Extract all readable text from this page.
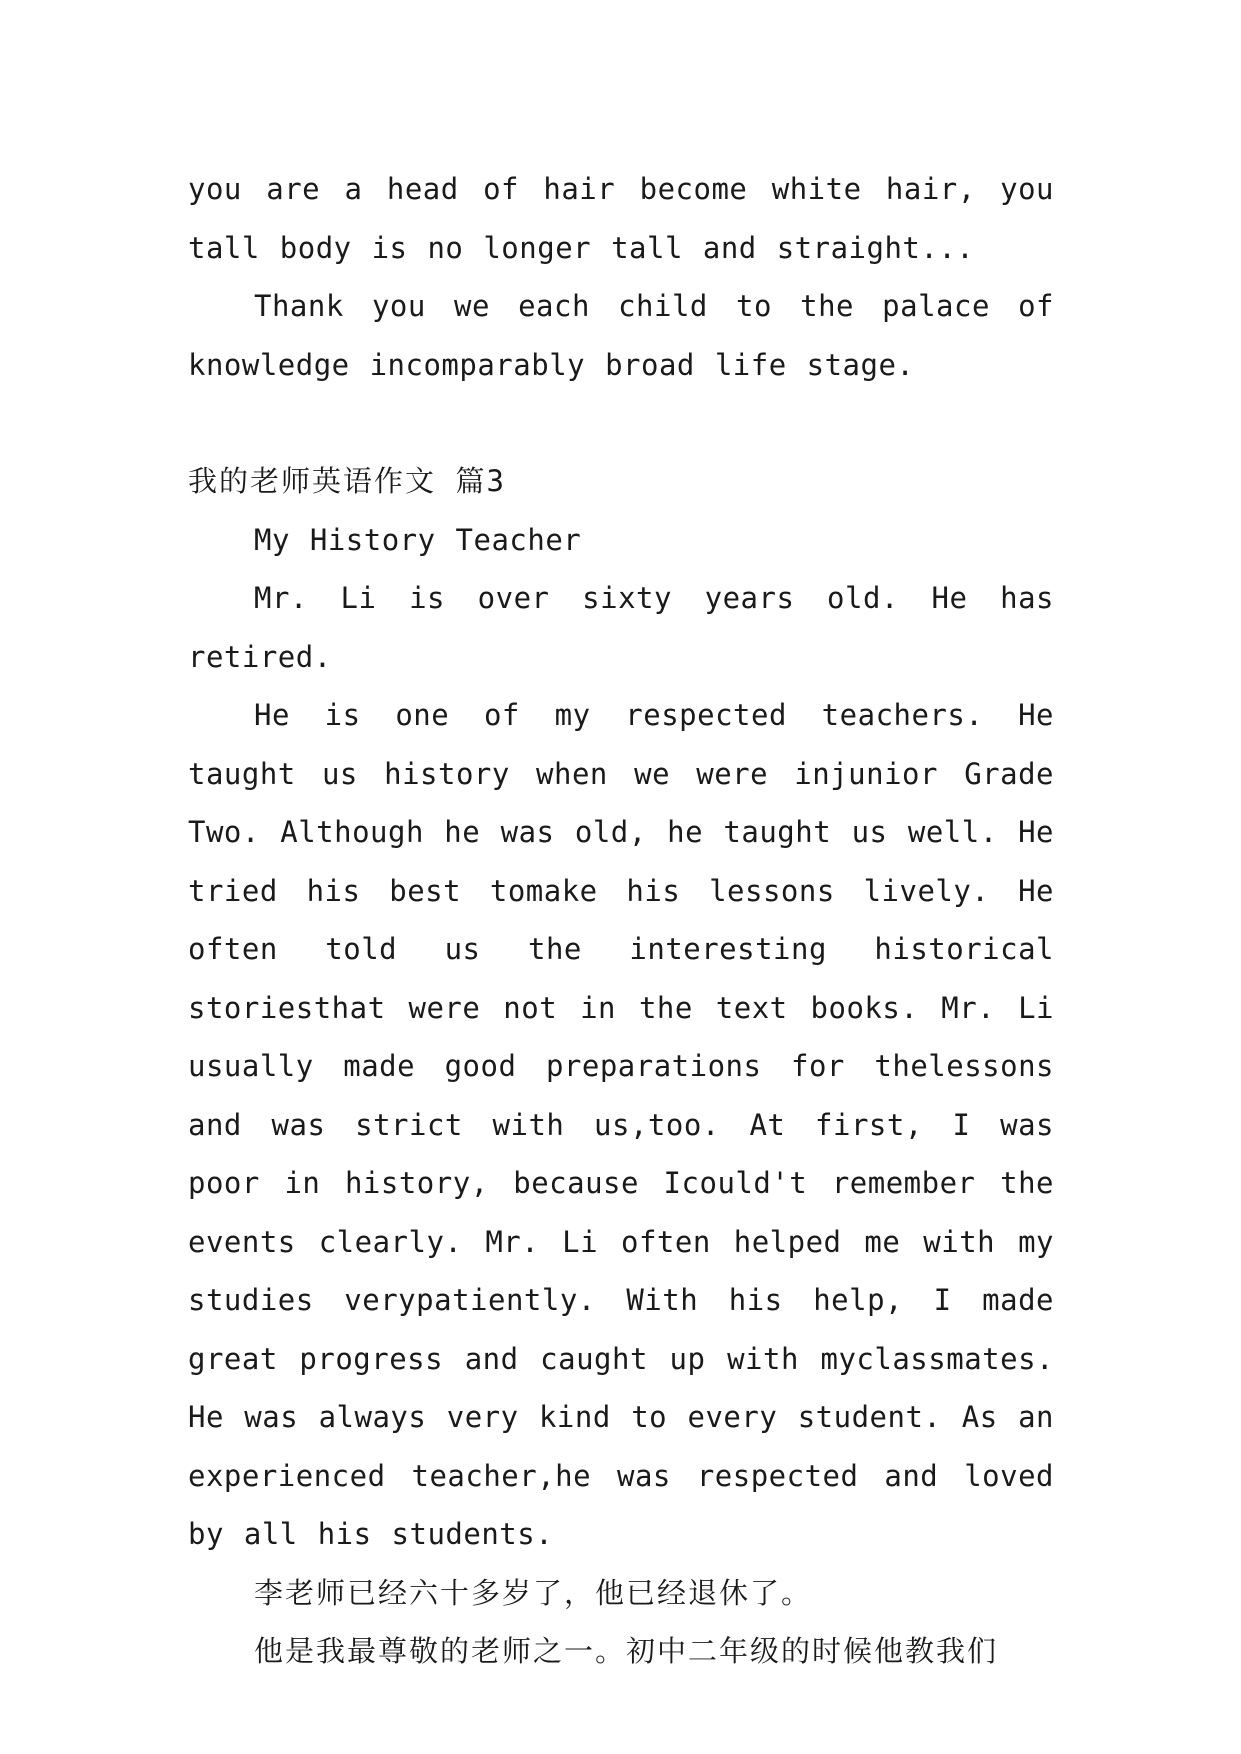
you are a head of hair become white hair, you tall body is no longer tall and straight...

Thank you we each child to the palace of knowledge incomparably broad life stage.

我的老师英语作文 篇3

My History Teacher

Mr. Li is over sixty years old. He has retired.

He is one of my respected teachers. He taught us history when we were injunior Grade Two. Although he was old, he taught us well. He tried his best tomake his lessons lively. He often told us the interesting historical storiesthat were not in the text books. Mr. Li usually made good preparations for thelessons and was strict with us,too. At first, I was poor in history, because Icould't remember the events clearly. Mr. Li often helped me with my studies verypatiently. With his help, I made great progress and caught up with myclassmates. He was always very kind to every student. As an experienced teacher,he was respected and loved by all his students.

李老师已经六十多岁了，他已经退休了。

他是我最尊敬的老师之一。初中二年级的时候他教我们
